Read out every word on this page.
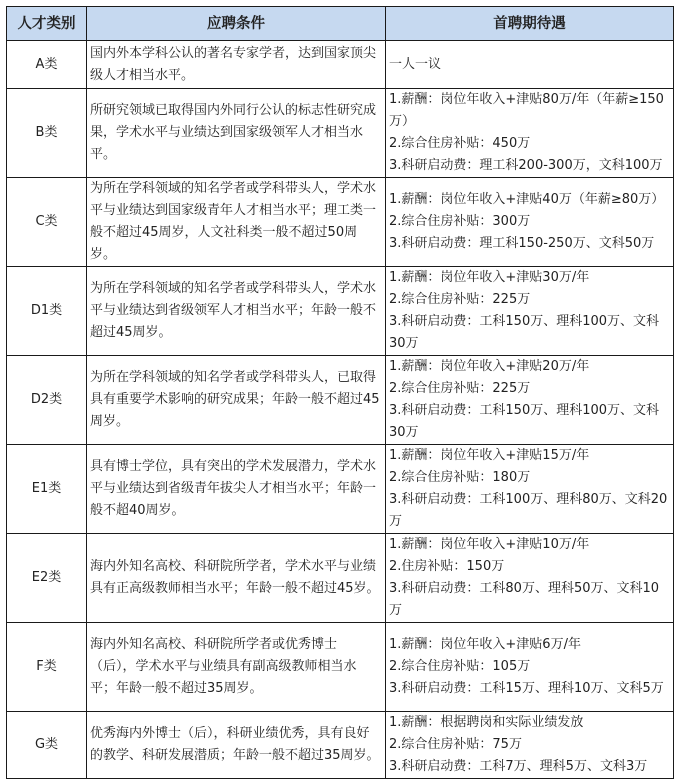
人才类别	应聘条件	首聘期待遇
A类	国内外本学科公认的著名专家学者，达到国家顶尖级人才相当水平。	一人一议

B类	所研究领域已取得国内外同行公认的标志性研究成果，学术水平与业绩达到国家级领军人才相当水平。	1.薪酬：岗位年收入+津贴80万/年（年薪≥150万）
2.综合住房补贴：450万
3.科研启动费：理工科200-300万，文科100万

C类	为所在学科领域的知名学者或学科带头人，学术水平与业绩达到国家级青年人才相当水平；理工类一般不超过45周岁，人文社科类一般不超过50周岁。	1.薪酬：岗位年收入+津贴40万（年薪≥80万）
2.综合住房补贴：300万
3.科研启动费：理工科150-250万、文科50万

D1类	为所在学科领域的知名学者或学科带头人，学术水平与业绩达到省级领军人才相当水平；年龄一般不超过45周岁。	1.薪酬：岗位年收入+津贴30万/年
2.综合住房补贴：225万
3.科研启动费：工科150万、理科100万、文科30万

D2类	为所在学科领域的知名学者或学科带头人，已取得具有重要学术影响的研究成果；年龄一般不超过45周岁。	1.薪酬：岗位年收入+津贴20万/年
2.综合住房补贴：225万
3.科研启动费：工科150万、理科100万、文科30万

E1类	具有博士学位，具有突出的学术发展潜力，学术水平与业绩达到省级青年拔尖人才相当水平；年龄一般不超40周岁。	1.薪酬：岗位年收入+津贴15万/年
2.综合住房补贴：180万
3.科研启动费：工科100万、理科80万、文科20万

E2类	海内外知名高校、科研院所学者，学术水平与业绩具有正高级教师相当水平；年龄一般不超过45岁。	1.薪酬：岗位年收入+津贴10万/年
2.住房补贴：150万
3.科研启动费：工科80万、理科50万、文科10万

F类	海内外知名高校、科研院所学者或优秀博士（后），学术水平与业绩具有副高级教师相当水平；年龄一般不超过35周岁。	1.薪酬：岗位年收入+津贴6万/年
2.综合住房补贴：105万
3.科研启动费：工科15万、理科10万、文科5万

G类	优秀海内外博士（后），科研业绩优秀，具有良好的教学、科研发展潜质；年龄一般不超过35周岁。	1.薪酬：根据聘岗和实际业绩发放
2.综合住房补贴：75万
3.科研启动费：工科7万、理科5万、文科3万
